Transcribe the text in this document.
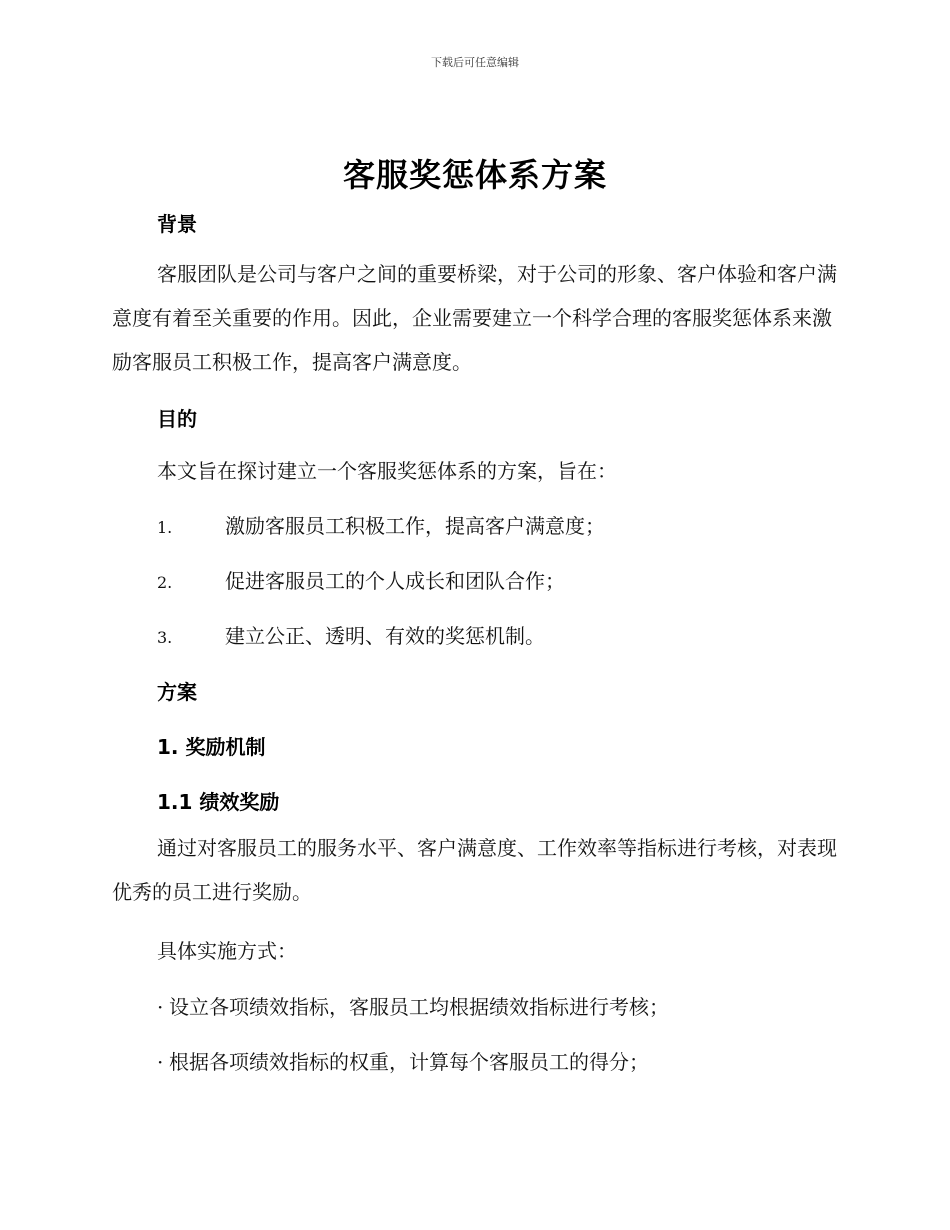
下载后可任意编辑
客服奖惩体系方案
背景

客服团队是公司与客户之间的重要桥梁，对于公司的形象、客户体验和客户满意度有着至关重要的作用。因此，企业需要建立一个科学合理的客服奖惩体系来激励客服员工积极工作，提高客户满意度。

目的

本文旨在探讨建立一个客服奖惩体系的方案，旨在：

1.	激励客服员工积极工作，提高客户满意度；

2.	促进客服员工的个人成长和团队合作；

3.	建立公正、透明、有效的奖惩机制。

方案
1. 奖励机制
1.1 绩效奖励

通过对客服员工的服务水平、客户满意度、工作效率等指标进行考核，对表现优秀的员工进行奖励。

具体实施方式：

· 设立各项绩效指标，客服员工均根据绩效指标进行考核；

· 根据各项绩效指标的权重，计算每个客服员工的得分；
